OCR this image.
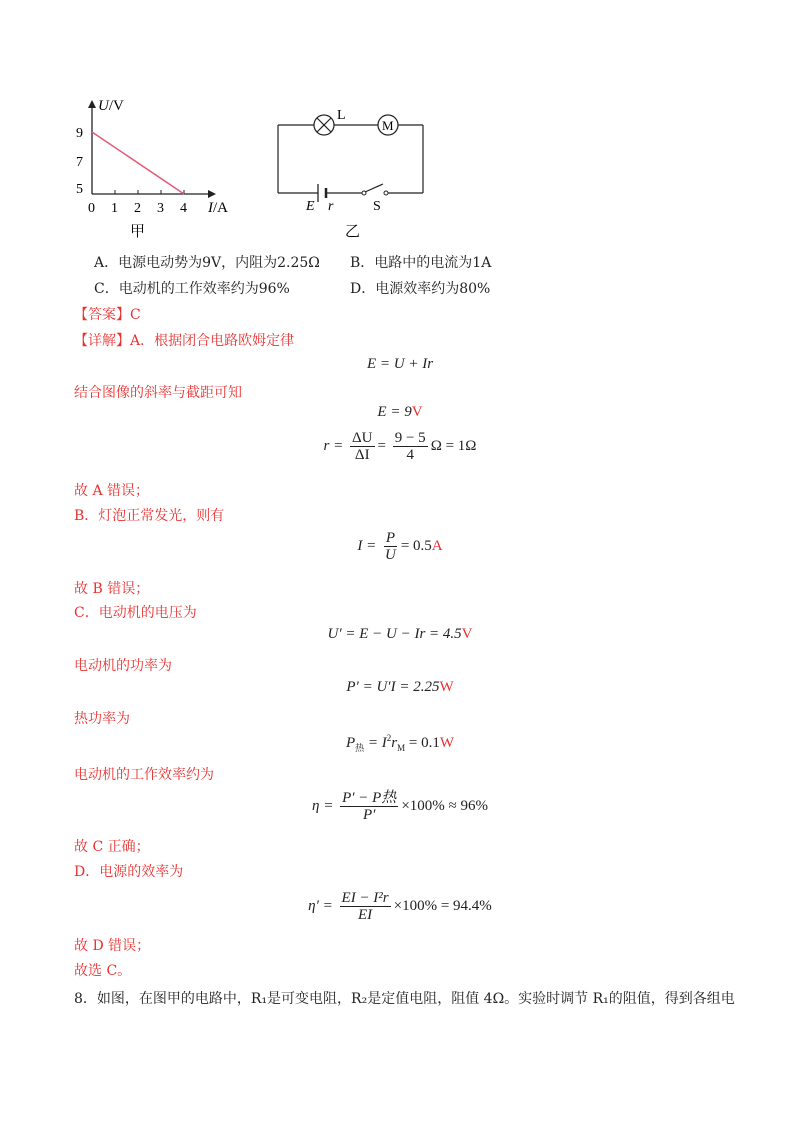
U/V
9
7
5
0 1 2 3 4 I/A
甲
M
L
E r	S
乙
A．电源电动势为9V，内阻为2.25Ω B．电路中的电流为1A
C．电动机的工作效率约为96%	D．电源效率约为80%
【答案】C
【详解】A．根据闭合电路欧姆定律
E = U + Ir
结合图像的斜率与截距可知
E = 9V
$r = \frac{\Delta U}{\Delta I} = \frac{9 - 5}{4}$ Ω = 1Ω
故 A 错误；
B．灯泡正常发光，则有
$I = \frac{P}{U} = 0.5A$
故 B 错误；
C．电动机的电压为
U′ = E − U − Ir = 4.5V
电动机的功率为
P′ = U′I = 2.25W
热功率为
$P_热 = I^2r_M = 0.1W$
电动机的工作效率约为
$\eta = \frac{\text{P′ − P热}}{P'} \times 100\% \approx 96\%$
故 C 正确；
D．电源的效率为
$\eta' = \frac{\text{EI − I²r}}{EI} \times 100\% = 94.4\%$
故 D 错误；
故选 C。
8．如图，在图甲的电路中，R₁是可变电阻，R₂是定值电阻，阻值 4Ω。实验时调节 R₁的阻值，得到各组电
